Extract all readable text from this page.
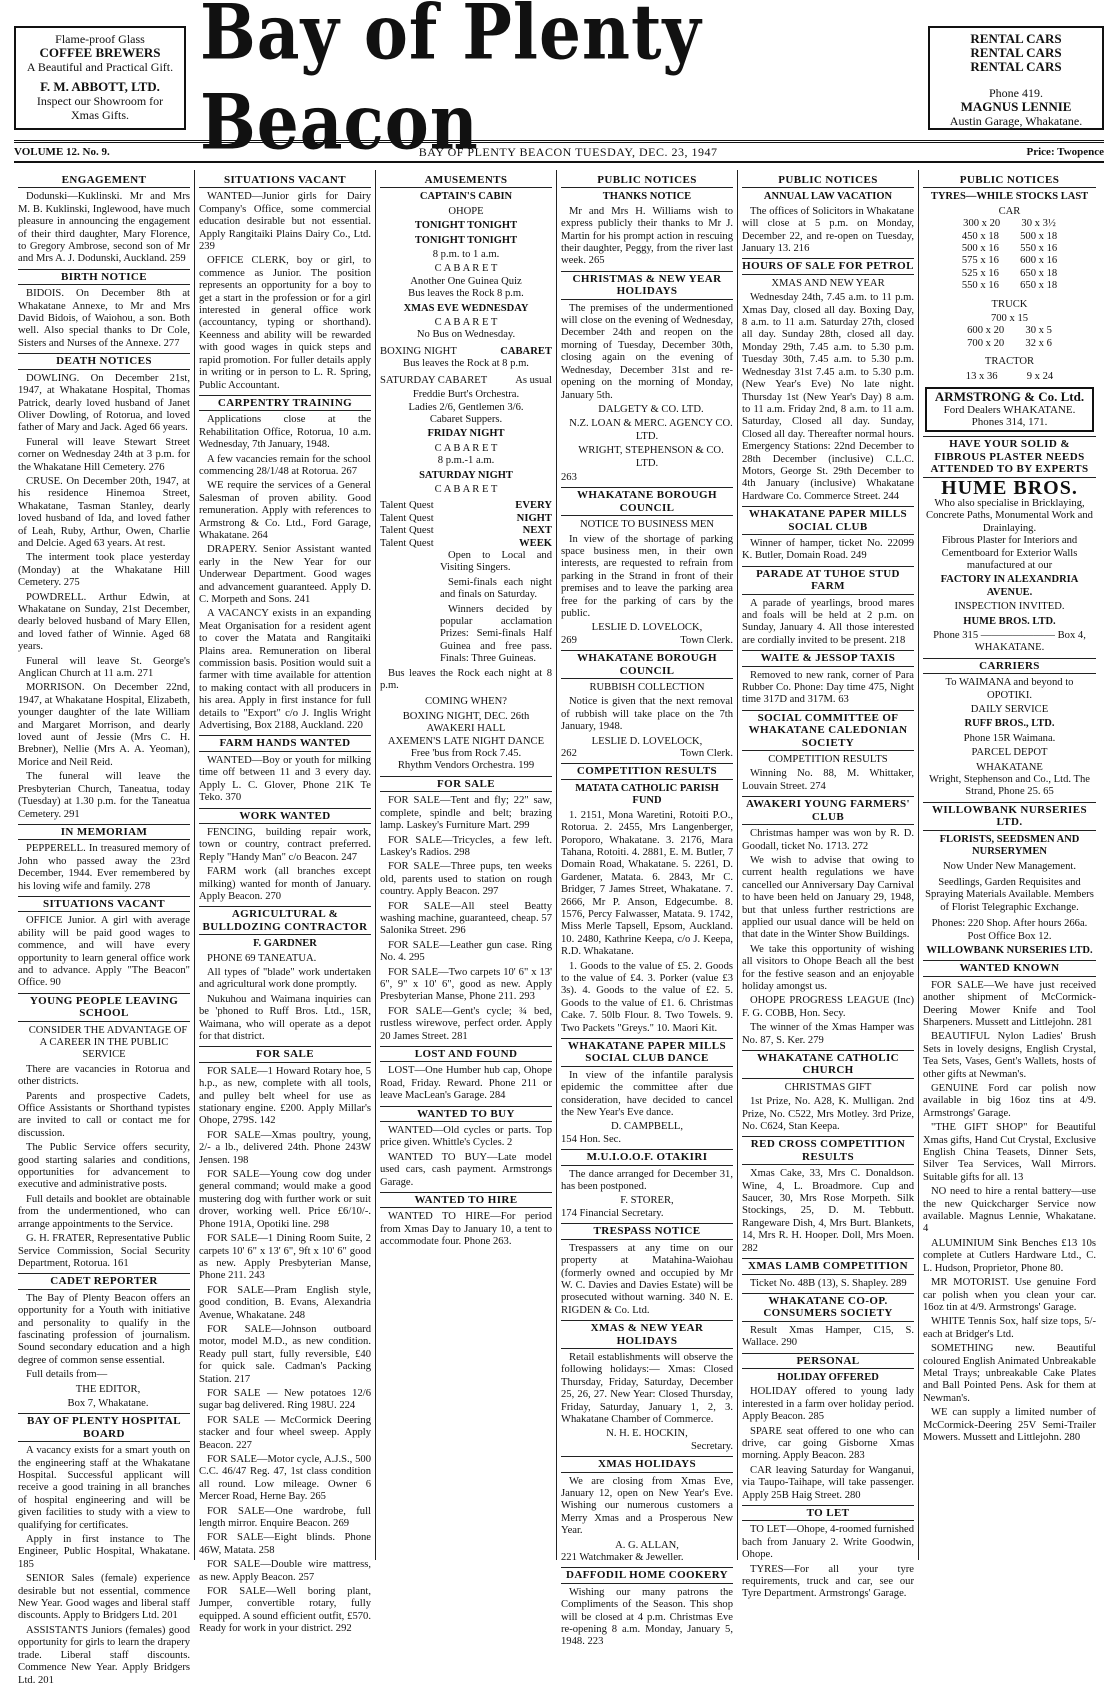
Flame-proof Glass
COFFEE BREWERS
A Beautiful and Practical Gift.
F. M. ABBOTT, LTD.
Inspect our Showroom for Xmas Gifts.
Bay of Plenty Beacon
RENTAL CARS
RENTAL CARS
RENTAL CARS
Phone 419.
MAGNUS LENNIE
Austin Garage, Whakatane.
VOLUME 12. No. 9.	BAY OF PLENTY BEACON TUESDAY, DEC. 23, 1947	Price: Twopence
ENGAGEMENT

Dodunski—Kuklinski. Mr and Mrs M. B. Kuklinski, Inglewood, have much pleasure in announcing the engagement of their third daughter, Mary Florence, to Gregory Ambrose, second son of Mr and Mrs A. J. Dodunski, Auckland. 259

BIRTH NOTICE

BIDOIS. On December 8th at Whakatane Annexe, to Mr and Mrs David Bidois, of Waiohou, a son. Both well. Also special thanks to Dr Cole, Sisters and Nurses of the Annexe. 277

DEATH NOTICES

DOWLING. On December 21st, 1947, at Whakatane Hospital, Thomas Patrick, dearly loved husband of Janet Oliver Dowling, of Rotorua, and loved father of Mary and Jack. Aged 66 years.

Funeral will leave Stewart Street corner on Wednesday 24th at 3 p.m. for the Whakatane Hill Cemetery. 276

CRUSE. On December 20th, 1947, at his residence Hinemoa Street, Whakatane, Tasman Stanley, dearly loved husband of Ida, and loved father of Leah, Ruby, Arthur, Owen, Charlie and Delcie. Aged 63 years. At rest.

The interment took place yesterday (Monday) at the Whakatane Hill Cemetery. 275

POWDRELL. Arthur Edwin, at Whakatane on Sunday, 21st December, dearly beloved husband of Mary Ellen, and loved father of Winnie. Aged 68 years.

Funeral will leave St. George's Anglican Church at 11 a.m. 271

MORRISON. On December 22nd, 1947, at Whakatane Hospital, Elizabeth, younger daughter of the late William and Margaret Morrison, and dearly loved aunt of Jessie (Mrs C. H. Brebner), Nellie (Mrs A. A. Yeoman), Morice and Neil Reid.

The funeral will leave the Presbyterian Church, Taneatua, today (Tuesday) at 1.30 p.m. for the Taneatua Cemetery. 291

IN MEMORIAM

PEPPERELL. In treasured memory of John who passed away the 23rd December, 1944. Ever remembered by his loving wife and family. 278

SITUATIONS VACANT

OFFICE Junior. A girl with average ability will be paid good wages to commence, and will have every opportunity to learn general office work and to advance. Apply "The Beacon" Office. 90

YOUNG PEOPLE LEAVING SCHOOL

CONSIDER THE ADVANTAGE OF A CAREER IN THE PUBLIC SERVICE

There are vacancies in Rotorua and other districts.

Parents and prospective Cadets, Office Assistants or Shorthand typistes are invited to call or contact me for discussion.

The Public Service offers security, good starting salaries and conditions, opportunities for advancement to executive and administrative posts.

Full details and booklet are obtainable from the undermentioned, who can arrange appointments to the Service.

G. H. FRATER, Representative Public Service Commission, Social Security Department, Rotorua. 161

CADET REPORTER

The Bay of Plenty Beacon offers an opportunity for a Youth with initiative and personality to qualify in the fascinating profession of journalism. Sound secondary education and a high degree of common sense essential.

Full details from—

THE EDITOR,

Box 7, Whakatane.

BAY OF PLENTY HOSPITAL BOARD

A vacancy exists for a smart youth on the engineering staff at the Whakatane Hospital. Successful applicant will receive a good training in all branches of hospital engineering and will be given facilities to study with a view to qualifying for certificates.

Apply in first instance to The Engineer, Public Hospital, Whakatane. 185

SENIOR Sales (female) experience desirable but not essential, commence New Year. Good wages and liberal staff discounts. Apply to Bridgers Ltd. 201

ASSISTANTS Juniors (females) good opportunity for girls to learn the drapery trade. Liberal staff discounts. Commence New Year. Apply Bridgers Ltd. 201

SITUATIONS VACANT

WANTED—Junior girls for Dairy Company's Office, some commercial education desirable but not essential. Apply Rangitaiki Plains Dairy Co., Ltd. 239

OFFICE CLERK, boy or girl, to commence as Junior. The position represents an opportunity for a boy to get a start in the profession or for a girl interested in general office work (accountancy, typing or shorthand). Keenness and ability will be rewarded with good wages in quick steps and rapid promotion. For fuller details apply in writing or in person to L. R. Spring, Public Accountant.

CARPENTRY TRAINING

Applications close at the Rehabilitation Office, Rotorua, 10 a.m. Wednesday, 7th January, 1948.

A few vacancies remain for the school commencing 28/1/48 at Rotorua. 267

WE require the services of a General Salesman of proven ability. Good remuneration. Apply with references to Armstrong & Co. Ltd., Ford Garage, Whakatane. 264

DRAPERY. Senior Assistant wanted early in the New Year for our Underwear Department. Good wages and advancement guaranteed. Apply D. C. Morpeth and Sons. 241

A VACANCY exists in an expanding Meat Organisation for a resident agent to cover the Matata and Rangitaiki Plains area. Remuneration on liberal commission basis. Position would suit a farmer with time available for attention to making contact with all producers in his area. Apply in first instance for full details to "Export" c/o J. Inglis Wright Advertising, Box 2188, Auckland. 220

FARM HANDS WANTED

WANTED—Boy or youth for milking time off between 11 and 3 every day. Apply L. C. Glover, Phone 21K Te Teko. 370

WORK WANTED

FENCING, building repair work, town or country, contract preferred. Reply "Handy Man" c/o Beacon. 247

FARM work (all branches except milking) wanted for month of January. Apply Beacon. 270

AGRICULTURAL & BULLDOZING CONTRACTOR

F. GARDNER

PHONE 69 TANEATUA.

All types of "blade" work undertaken and agricultural work done promptly.

Nukuhou and Waimana inquiries can be 'phoned to Ruff Bros. Ltd., 15R, Waimana, who will operate as a depot for that district.

FOR SALE

FOR SALE—1 Howard Rotary hoe, 5 h.p., as new, complete with all tools, and pulley belt wheel for use as stationary engine. £200. Apply Millar's Ohope, 279S. 142

FOR SALE—Xmas poultry, young, 2/- a lb., delivered 24th. Phone 243W Jensen. 198

FOR SALE—Young cow dog under general command; would make a good mustering dog with further work or suit drover, working well. Price £6/10/-. Phone 191A, Opotiki line. 298

FOR SALE—1 Dining Room Suite, 2 carpets 10' 6" x 13' 6", 9ft x 10' 6" good as new. Apply Presbyterian Manse, Phone 211. 243

FOR SALE—Pram English style, good condition, B. Evans, Alexandria Avenue, Whakatane. 248

FOR SALE—Johnson outboard motor, model M.D., as new condition. Ready pull start, fully reversible, £40 for quick sale. Cadman's Packing Station. 217

FOR SALE — New potatoes 12/6 sugar bag delivered. Ring 198U. 224

FOR SALE — McCormick Deering stacker and four wheel sweep. Apply Beacon. 227

FOR SALE—Motor cycle, A.J.S., 500 C.C. 46/47 Reg. 47, 1st class condition all round. Low mileage. Owner 6 Mercer Road, Herne Bay. 265

FOR SALE—One wardrobe, full length mirror. Enquire Beacon. 269

FOR SALE—Eight blinds. Phone 46W, Matata. 258

FOR SALE—Double wire mattress, as new. Apply Beacon. 257

FOR SALE—Well boring plant, Jumper, convertible rotary, fully equipped. A sound efficient outfit, £570. Ready for work in your district. 292

AMUSEMENTS

CAPTAIN'S CABIN

OHOPE

TONIGHT TONIGHT

TONIGHT TONIGHT

8 p.m. to 1 a.m.

C A B A R E T

Another One Guinea Quiz

Bus leaves the Rock 8 p.m.

XMAS EVE WEDNESDAY

C A B A R E T

No Bus on Wednesday.

BOXING NIGHT	CABARET

Bus leaves the Rock at 8 p.m.

SATURDAY CABARET	As usual

Freddie Burt's Orchestra.

Ladies 2/6, Gentlemen 3/6.

Cabaret Suppers.

FRIDAY NIGHT

C A B A R E T

8 p.m.-1 a.m.

SATURDAY NIGHT

C A B A R E T

Talent Quest	EVERY

Talent Quest	NIGHT

Talent Quest	NEXT

Talent Quest	WEEK

Open to Local and Visiting Singers.

Semi-finals each night and finals on Saturday.

Winners decided by popular acclamation Prizes: Semi-finals Half Guinea and free pass. Finals: Three Guineas.

Bus leaves the Rock each night at 8 p.m.

COMING WHEN?

BOXING NIGHT, DEC. 26th

AWAKERI HALL

AXEMEN'S LATE NIGHT DANCE

Free 'bus from Rock 7.45.

Rhythm Vendors Orchestra. 199

FOR SALE

FOR SALE—Tent and fly; 22" saw, complete, spindle and belt; brazing lamp. Laskey's Furniture Mart. 299

FOR SALE—Tricycles, a few left. Laskey's Radios. 298

FOR SALE—Three pups, ten weeks old, parents used to station on rough country. Apply Beacon. 297

FOR SALE—All steel Beatty washing machine, guaranteed, cheap. 57 Salonika Street. 296

FOR SALE—Leather gun case. Ring No. 4. 295

FOR SALE—Two carpets 10' 6" x 13' 6", 9" x 10' 6", good as new. Apply Presbyterian Manse, Phone 211. 293

FOR SALE—Gent's cycle; ¾ bed, rustless wirewove, perfect order. Apply 20 James Street. 281

LOST AND FOUND

LOST—One Humber hub cap, Ohope Road, Friday. Reward. Phone 211 or leave MacLean's Garage. 284

WANTED TO BUY

WANTED—Old cycles or parts. Top price given. Whittle's Cycles. 2

WANTED TO BUY—Late model used cars, cash payment. Armstrongs Garage.

WANTED TO HIRE

WANTED TO HIRE—For period from Xmas Day to January 10, a tent to accommodate four. Phone 263.

PUBLIC NOTICES

THANKS NOTICE

Mr and Mrs H. Williams wish to express publicly their thanks to Mr J. Martin for his prompt action in rescuing their daughter, Peggy, from the river last week. 265

CHRISTMAS & NEW YEAR HOLIDAYS

The premises of the undermentioned will close on the evening of Wednesday, December 24th and reopen on the morning of Tuesday, December 30th, closing again on the evening of Wednesday, December 31st and re-opening on the morning of Monday, January 5th.

DALGETY & CO. LTD.

N.Z. LOAN & MERC. AGENCY CO. LTD.

WRIGHT, STEPHENSON & CO. LTD.

263

WHAKATANE BOROUGH COUNCIL

NOTICE TO BUSINESS MEN

In view of the shortage of parking space business men, in their own interests, are requested to refrain from parking in the Strand in front of their premises and to leave the parking area free for the parking of cars by the public.

LESLIE D. LOVELOCK,

269	Town Clerk.

WHAKATANE BOROUGH COUNCIL

RUBBISH COLLECTION

Notice is given that the next removal of rubbish will take place on the 7th January, 1948.

LESLIE D. LOVELOCK,

262	Town Clerk.

COMPETITION RESULTS

MATATA CATHOLIC PARISH FUND

1. 2151, Mona Waretini, Rotoiti P.O., Rotorua. 2. 2455, Mrs Langenberger, Poroporo, Whakatane. 3. 2176, Mara Tahana, Rotoiti. 4. 2881, E. M. Butler, 7 Domain Road, Whakatane. 5. 2261, D. Gardener, Matata. 6. 2843, Mr C. Bridger, 7 James Street, Whakatane. 7. 2666, Mr P. Anson, Edgecumbe. 8. 1576, Percy Falwasser, Matata. 9. 1742, Miss Merle Tapsell, Epsom, Auckland. 10. 2480, Kathrine Keepa, c/o J. Keepa, R.D. Whakatane.

1. Goods to the value of £5. 2. Goods to the value of £4. 3. Porker (value £3 3s). 4. Goods to the value of £2. 5. Goods to the value of £1. 6. Christmas Cake. 7. 50lb Flour. 8. Two Towels. 9. Two Packets "Greys." 10. Maori Kit.

WHAKATANE PAPER MILLS SOCIAL CLUB DANCE

In view of the infantile paralysis epidemic the committee after due consideration, have decided to cancel the New Year's Eve dance.

D. CAMPBELL,

154 Hon. Sec.

M.U.I.O.O.F. OTAKIRI

The dance arranged for December 31, has been postponed.

F. STORER,

174 Financial Secretary.

TRESPASS NOTICE

Trespassers at any time on our property at Matahina-Waiohau (formerly owned and occupied by Mr W. C. Davies and Davies Estate) will be prosecuted without warning. 340 N. E. RIGDEN & Co. Ltd.

XMAS & NEW YEAR HOLIDAYS

Retail establishments will observe the following holidays:— Xmas: Closed Thursday, Friday, Saturday, December 25, 26, 27. New Year: Closed Thursday, Friday, Saturday, January 1, 2, 3. Whakatane Chamber of Commerce.

N. H. E. HOCKIN,

Secretary.

XMAS HOLIDAYS

We are closing from Xmas Eve, January 12, open on New Year's Eve. Wishing our numerous customers a Merry Xmas and a Prosperous New Year.

A. G. ALLAN,

221 Watchmaker & Jeweller.

DAFFODIL HOME COOKERY

Wishing our many patrons the Compliments of the Season. This shop will be closed at 4 p.m. Christmas Eve re-opening 8 a.m. Monday, January 5, 1948. 223

PUBLIC NOTICES

ANNUAL LAW VACATION

The offices of Solicitors in Whakatane will close at 5 p.m. on Monday, December 22, and re-open on Tuesday, January 13. 216

HOURS OF SALE FOR PETROL

XMAS AND NEW YEAR

Wednesday 24th, 7.45 a.m. to 11 p.m. Xmas Day, closed all day. Boxing Day, 8 a.m. to 11 a.m. Saturday 27th, closed all day. Sunday 28th, closed all day. Monday 29th, 7.45 a.m. to 5.30 p.m. Tuesday 30th, 7.45 a.m. to 5.30 p.m. Wednesday 31st 7.45 a.m. to 5.30 p.m. (New Year's Eve) No late night. Thursday 1st (New Year's Day) 8 a.m. to 11 a.m. Friday 2nd, 8 a.m. to 11 a.m. Saturday, Closed all day. Sunday, Closed all day. Thereafter normal hours. Emergency Stations: 22nd December to 28th December (inclusive) C.L.C. Motors, George St. 29th December to 4th January (inclusive) Whakatane Hardware Co. Commerce Street. 244

WHAKATANE PAPER MILLS SOCIAL CLUB

Winner of hamper, ticket No. 22099 K. Butler, Domain Road. 249

PARADE AT TUHOE STUD FARM

A parade of yearlings, brood mares and foals will be held at 2 p.m. on Sunday, January 4. All those interested are cordially invited to be present. 218

WAITE & JESSOP TAXIS

Removed to new rank, corner of Para Rubber Co. Phone: Day time 475, Night time 317D and 317M. 63

SOCIAL COMMITTEE OF WHAKATANE CALEDONIAN SOCIETY

COMPETITION RESULTS

Winning No. 88, M. Whittaker, Louvain Street. 274

AWAKERI YOUNG FARMERS' CLUB

Christmas hamper was won by R. D. Goodall, ticket No. 1713. 272

We wish to advise that owing to current health regulations we have cancelled our Anniversary Day Carnival to have been held on January 29, 1948, but that unless further restrictions are applied our usual dance will be held on that date in the Winter Show Buildings.

We take this opportunity of wishing all visitors to Ohope Beach all the best for the festive season and an enjoyable holiday amongst us.

OHOPE PROGRESS LEAGUE (Inc) F. G. COBB, Hon. Secy.

The winner of the Xmas Hamper was No. 87, S. Ker. 279

WHAKATANE CATHOLIC CHURCH

CHRISTMAS GIFT

1st Prize, No. A28, K. Mulligan. 2nd Prize, No. C522, Mrs Motley. 3rd Prize, No. C624, Stan Keepa.

RED CROSS COMPETITION RESULTS

Xmas Cake, 33, Mrs C. Donaldson. Wine, 4, L. Broadmore. Cup and Saucer, 30, Mrs Rose Morpeth. Silk Stockings, 25, D. M. Tebbutt. Rangeware Dish, 4, Mrs Burt. Blankets, 14, Mrs R. H. Hooper. Doll, Mrs Moen. 282

XMAS LAMB COMPETITION

Ticket No. 48B (13), S. Shapley. 289

WHAKATANE CO-OP. CONSUMERS SOCIETY

Result Xmas Hamper, C15, S. Wallace. 290

PERSONAL

HOLIDAY OFFERED

HOLIDAY offered to young lady interested in a farm over holiday period. Apply Beacon. 285

SPARE seat offered to one who can drive, car going Gisborne Xmas morning. Apply Beacon. 283

CAR leaving Saturday for Wanganui, via Taupo-Taihape, will take passenger. Apply 25B Haig Street. 280

TO LET

TO LET—Ohope, 4-roomed furnished bach from January 2. Write Goodwin, Ohope.

TYRES—For all your tyre requirements, truck and car, see our Tyre Department. Armstrongs' Garage.

PUBLIC NOTICES

TYRES—WHILE STOCKS LAST

CAR

300 x 20        30 x 3½

450 x 18        500 x 18

500 x 16        550 x 16

575 x 16        600 x 16

525 x 16        650 x 18

550 x 16        650 x 18

TRUCK

700 x 15

600 x 20        30 x 5

700 x 20        32 x 6

TRACTOR

13 x 36           9 x 24

ARMSTRONG & Co. Ltd.
Ford Dealers WHAKATANE.
Phones 314, 171.
HAVE YOUR SOLID & FIBROUS PLASTER NEEDS ATTENDED TO BY EXPERTS
HUME BROS.

Who also specialise in Bricklaying, Concrete Paths, Monumental Work and Drainlaying.

Fibrous Plaster for Interiors and Cementboard for Exterior Walls manufactured at our

FACTORY IN ALEXANDRIA AVENUE.

INSPECTION INVITED.

HUME BROS. LTD.

Phone 315 ——————— Box 4,

WHAKATANE.

CARRIERS

To WAIMANA and beyond to OPOTIKI.

DAILY SERVICE

RUFF BROS., LTD.

Phone 15R Waimana.

PARCEL DEPOT

WHAKATANE

Wright, Stephenson and Co., Ltd. The Strand, Phone 25. 65

WILLOWBANK NURSERIES LTD.

FLORISTS, SEEDSMEN AND NURSERYMEN

Now Under New Management.

Seedlings, Garden Requisites and Spraying Materials Available. Members of Florist Telegraphic Exchange.

Phones: 220 Shop. After hours 266a. Post Office Box 12.

WILLOWBANK NURSERIES LTD.

WANTED KNOWN

FOR SALE—We have just received another shipment of McCormick-Deering Mower Knife and Tool Sharpeners. Mussett and Littlejohn. 281

BEAUTIFUL Nylon Ladies' Brush Sets in lovely designs, English Crystal, Tea Sets, Vases, Gent's Wallets, hosts of other gifts at Newman's.

GENUINE Ford car polish now available in big 16oz tins at 4/9. Armstrongs' Garage.

"THE GIFT SHOP" for Beautiful Xmas gifts, Hand Cut Crystal, Exclusive English China Teasets, Dinner Sets, Silver Tea Services, Wall Mirrors. Suitable gifts for all. 13

NO need to hire a rental battery—use the new Quickcharger Service now available. Magnus Lennie, Whakatane. 4

ALUMINIUM Sink Benches £13 10s complete at Cutlers Hardware Ltd., C. L. Hudson, Proprietor, Phone 80.

MR MOTORIST. Use genuine Ford car polish when you clean your car. 16oz tin at 4/9. Armstrongs' Garage.

WHITE Tennis Sox, half size tops, 5/- each at Bridger's Ltd.

SOMETHING new. Beautiful coloured English Animated Unbreakable Metal Trays; unbreakable Cake Plates and Ball Pointed Pens. Ask for them at Newman's.

WE can supply a limited number of McCormick-Deering 25V Semi-Trailer Mowers. Mussett and Littlejohn. 280
